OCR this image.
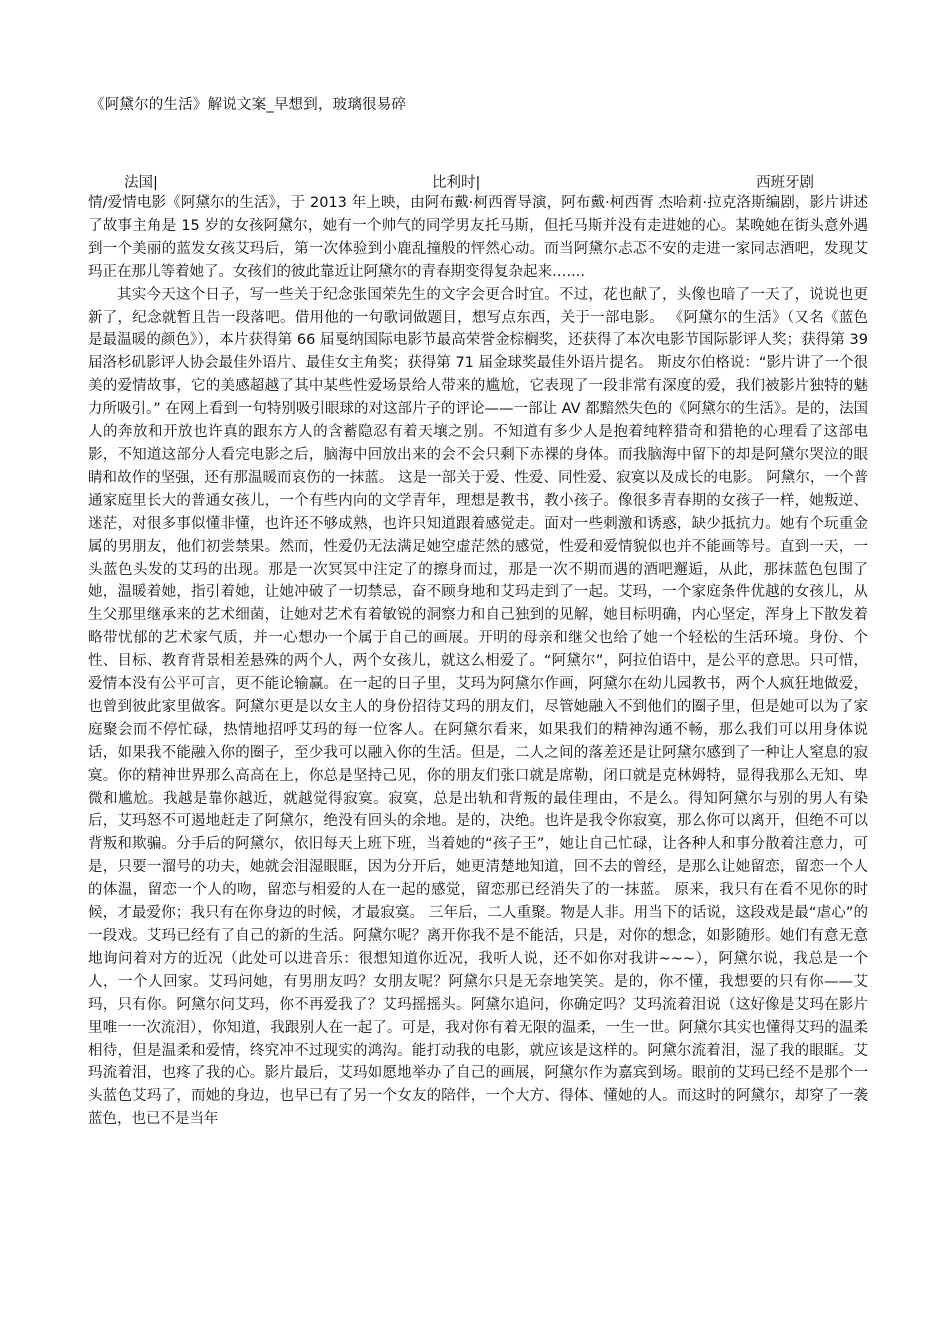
《阿黛尔的生活》解说文案_早想到，玻璃很易碎
法国|	比利时|	西班牙剧

情/爱情电影《阿黛尔的生活》，于 2013 年上映，由阿布戴·柯西胥导演，阿布戴·柯西胥 杰哈莉·拉克洛斯编剧，影片讲述了故事主角是 15 岁的女孩阿黛尔，她有一个帅气的同学男友托马斯，但托马斯并没有走进她的心。某晚她在街头意外遇到一个美丽的蓝发女孩艾玛后，第一次体验到小鹿乱撞般的怦然心动。而当阿黛尔忐忑不安的走进一家同志酒吧，发现艾玛正在那儿等着她了。女孩们的彼此靠近让阿黛尔的青春期变得复杂起来…....

其实今天这个日子，写一些关于纪念张国荣先生的文字会更合时宜。不过，花也献了，头像也暗了一天了，说说也更新了，纪念就暂且告一段落吧。借用他的一句歌词做题目，想写点东西，关于一部电影。 《阿黛尔的生活》（又名《蓝色是最温暖的颜色》），本片获得第 66 届戛纳国际电影节最高荣誉金棕榈奖，还获得了本次电影节国际影评人奖；获得第 39 届洛杉矶影评人协会最佳外语片、最佳女主角奖；获得第 71 届金球奖最佳外语片提名。 斯皮尔伯格说：“影片讲了一个很美的爱情故事，它的美感超越了其中某些性爱场景给人带来的尴尬，它表现了一段非常有深度的爱，我们被影片独特的魅力所吸引。” 在网上看到一句特别吸引眼球的对这部片子的评论——一部让 AV 都黯然失色的《阿黛尔的生活》。是的，法国人的奔放和开放也许真的跟东方人的含蓄隐忍有着天壤之别。不知道有多少人是抱着纯粹猎奇和猎艳的心理看了这部电影，不知道这部分人看完电影之后，脑海中回放出来的会不会只剩下赤裸的身体。而我脑海中留下的却是阿黛尔哭泣的眼睛和故作的坚强，还有那温暖而哀伤的一抹蓝。 这是一部关于爱、性爱、同性爱、寂寞以及成长的电影。 阿黛尔，一个普通家庭里长大的普通女孩儿，一个有些内向的文学青年，理想是教书，教小孩子。像很多青春期的女孩子一样，她叛逆、迷茫，对很多事似懂非懂，也许还不够成熟，也许只知道跟着感觉走。面对一些刺激和诱惑，缺少抵抗力。她有个玩重金属的男朋友，他们初尝禁果。然而，性爱仍无法满足她空虚茫然的感觉，性爱和爱情貌似也并不能画等号。直到一天，一头蓝色头发的艾玛的出现。那是一次冥冥中注定了的擦身而过，那是一次不期而遇的酒吧邂逅，从此，那抹蓝色包围了她，温暖着她，指引着她，让她冲破了一切禁忌，奋不顾身地和艾玛走到了一起。艾玛，一个家庭条件优越的女孩儿，从生父那里继承来的艺术细菌，让她对艺术有着敏锐的洞察力和自己独到的见解，她目标明确，内心坚定，浑身上下散发着略带忧郁的艺术家气质，并一心想办一个属于自己的画展。开明的母亲和继父也给了她一个轻松的生活环境。身份、个性、目标、教育背景相差悬殊的两个人，两个女孩儿，就这么相爱了。“阿黛尔”，阿拉伯语中，是公平的意思。只可惜，爱情本没有公平可言，更不能论输赢。在一起的日子里，艾玛为阿黛尔作画，阿黛尔在幼儿园教书，两个人疯狂地做爱，也曾到彼此家里做客。阿黛尔更是以女主人的身份招待艾玛的朋友们，尽管她融入不到他们的圈子里，但是她可以为了家庭聚会而不停忙碌，热情地招呼艾玛的每一位客人。在阿黛尔看来，如果我们的精神沟通不畅，那么我们可以用身体说话，如果我不能融入你的圈子，至少我可以融入你的生活。但是，二人之间的落差还是让阿黛尔感到了一种让人窒息的寂寞。你的精神世界那么高高在上，你总是坚持己见，你的朋友们张口就是席勒，闭口就是克林姆特，显得我那么无知、卑微和尴尬。我越是靠你越近，就越觉得寂寞。寂寞，总是出轨和背叛的最佳理由，不是么。得知阿黛尔与别的男人有染后，艾玛怒不可遏地赶走了阿黛尔，绝没有回头的余地。是的，决绝。也许是我令你寂寞，那么你可以离开，但绝不可以背叛和欺骗。分手后的阿黛尔，依旧每天上班下班，当着她的“孩子王”，她让自己忙碌，让各种人和事分散着注意力，可是，只要一溜号的功夫，她就会泪湿眼眶，因为分开后，她更清楚地知道，回不去的曾经，是那么让她留恋，留恋一个人的体温，留恋一个人的吻，留恋与相爱的人在一起的感觉，留恋那已经消失了的一抹蓝。 原来，我只有在看不见你的时候，才最爱你；我只有在你身边的时候，才最寂寞。 三年后，二人重聚。物是人非。用当下的话说，这段戏是最“虐心”的一段戏。艾玛已经有了自己的新的生活。阿黛尔呢？离开你我不是不能活，只是，对你的想念，如影随形。她们有意无意地询问着对方的近况（此处可以进音乐：很想知道你近况，我听人说，还不如你对我讲~~~），阿黛尔说，我总是一个人，一个人回家。艾玛问她，有男朋友吗？女朋友呢？阿黛尔只是无奈地笑笑。是的，你不懂，我想要的只有你——艾玛，只有你。阿黛尔问艾玛，你不再爱我了？艾玛摇摇头。阿黛尔追问，你确定吗？艾玛流着泪说（这好像是艾玛在影片里唯一一次流泪），你知道，我跟别人在一起了。可是，我对你有着无限的温柔，一生一世。阿黛尔其实也懂得艾玛的温柔相待，但是温柔和爱情，终究冲不过现实的鸿沟。能打动我的电影，就应该是这样的。阿黛尔流着泪，湿了我的眼眶。艾玛流着泪，也疼了我的心。影片最后，艾玛如愿地举办了自己的画展，阿黛尔作为嘉宾到场。眼前的艾玛已经不是那个一头蓝色艾玛了，而她的身边，也早已有了另一个女友的陪伴，一个大方、得体、懂她的人。而这时的阿黛尔，却穿了一袭蓝色，也已不是当年
